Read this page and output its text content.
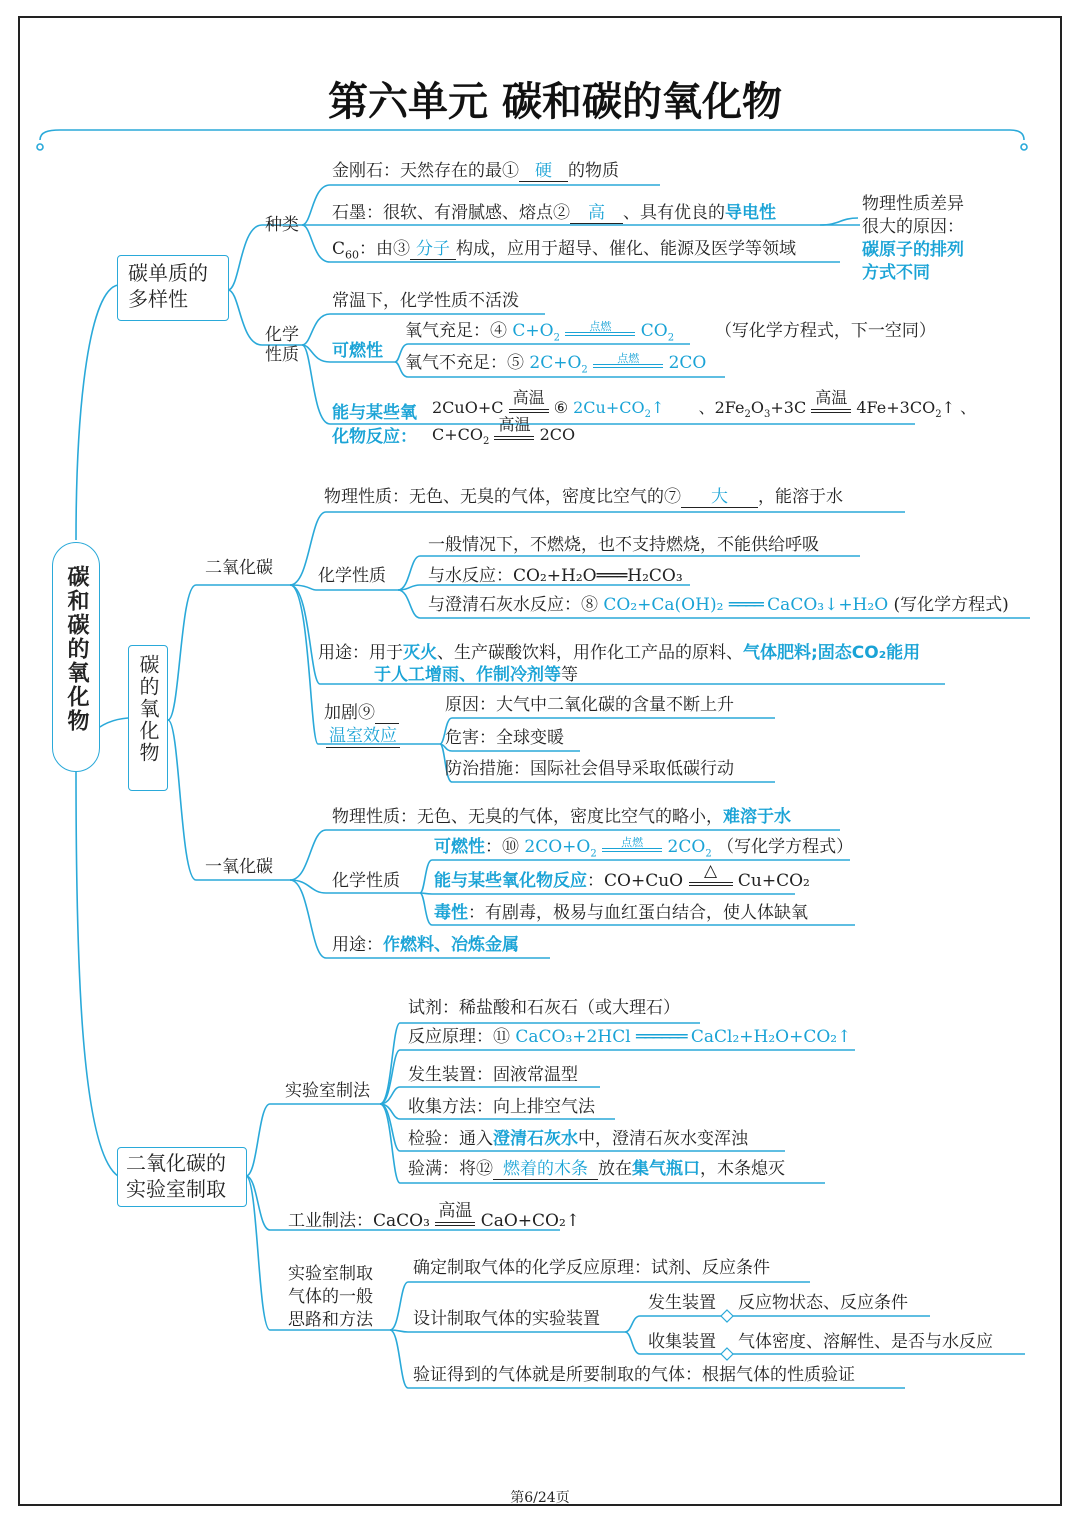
第六单元 碳和碳的氧化物
碳和碳的氧化物
碳单质的多样性
种类
化学性质
金刚石：天然存在的最① 硬 的物质
石墨：很软、有滑腻感、熔点② 高 、具有优良的导电性
$C_{60}$：由③ 分子 构成，应用于超导、催化、能源及医学等领域
物理性质差异
很大的原因：
碳原子的排列
方式不同
常温下，化学性质不活泼
可燃性
氧气充足：④ $C+O_2$
点燃	$CO_2$ （写化学方程式，下一空同）
氧气不充足：⑤ $2C+O_2$
点燃	2CO
能与某些氧
化物反应：
2CuO+C
高温
⑥ $2Cu+CO_2↑$ 、$2Fe_2O_3+3C$
高温
$4Fe+3CO_2↑$ 、
$C+CO_2$
高温
2CO
碳的氧化物
二氧化碳
物理性质：无色、无臭的气体，密度比空气的⑦ 大 ，能溶于水
化学性质
一般情况下，不燃烧，也不支持燃烧，不能供给呼吸
与水反应：CO₂+H₂O═══H₂CO₃
与澄清石灰水反应：⑧ CO₂+Ca(OH)₂ ════ CaCO₃↓+H₂O (写化学方程式)
用途：用于灭火、生产碳酸饮料，用作化工产品的原料、气体肥料;固态CO₂能用
于人工增雨、作制冷剂等等
加剧⑨
温室效应
原因：大气中二氧化碳的含量不断上升
危害：全球变暖
防治措施：国际社会倡导采取低碳行动
一氧化碳
物理性质：无色、无臭的气体，密度比空气的略小，难溶于水
化学性质
可燃性：⑩ $2CO+O_2$
点燃	$2CO_2$ （写化学方程式）
能与某些氧化物反应：CO+CuO	△	Cu+CO₂
毒性：有剧毒，极易与血红蛋白结合，使人体缺氧
用途：作燃料、冶炼金属
二氧化碳的实验室制取
实验室制法
试剂：稀盐酸和石灰石（或大理石）
反应原理：⑪ CaCO₃+2HCl ══════ CaCl₂+H₂O+CO₂↑
发生装置：固液常温型
收集方法：向上排空气法
检验：通入澄清石灰水中，澄清石灰水变浑浊
验满：将⑫ 燃着的木条 放在集气瓶口，木条熄灭
工业制法：CaCO₃ 高温 CaO+CO₂↑
实验室制取
气体的一般
思路和方法
确定制取气体的化学反应原理：试剂、反应条件
设计制取气体的实验装置
发生装置 反应物状态、反应条件
收集装置 气体密度、溶解性、是否与水反应
验证得到的气体就是所要制取的气体：根据气体的性质验证
第6/24页
